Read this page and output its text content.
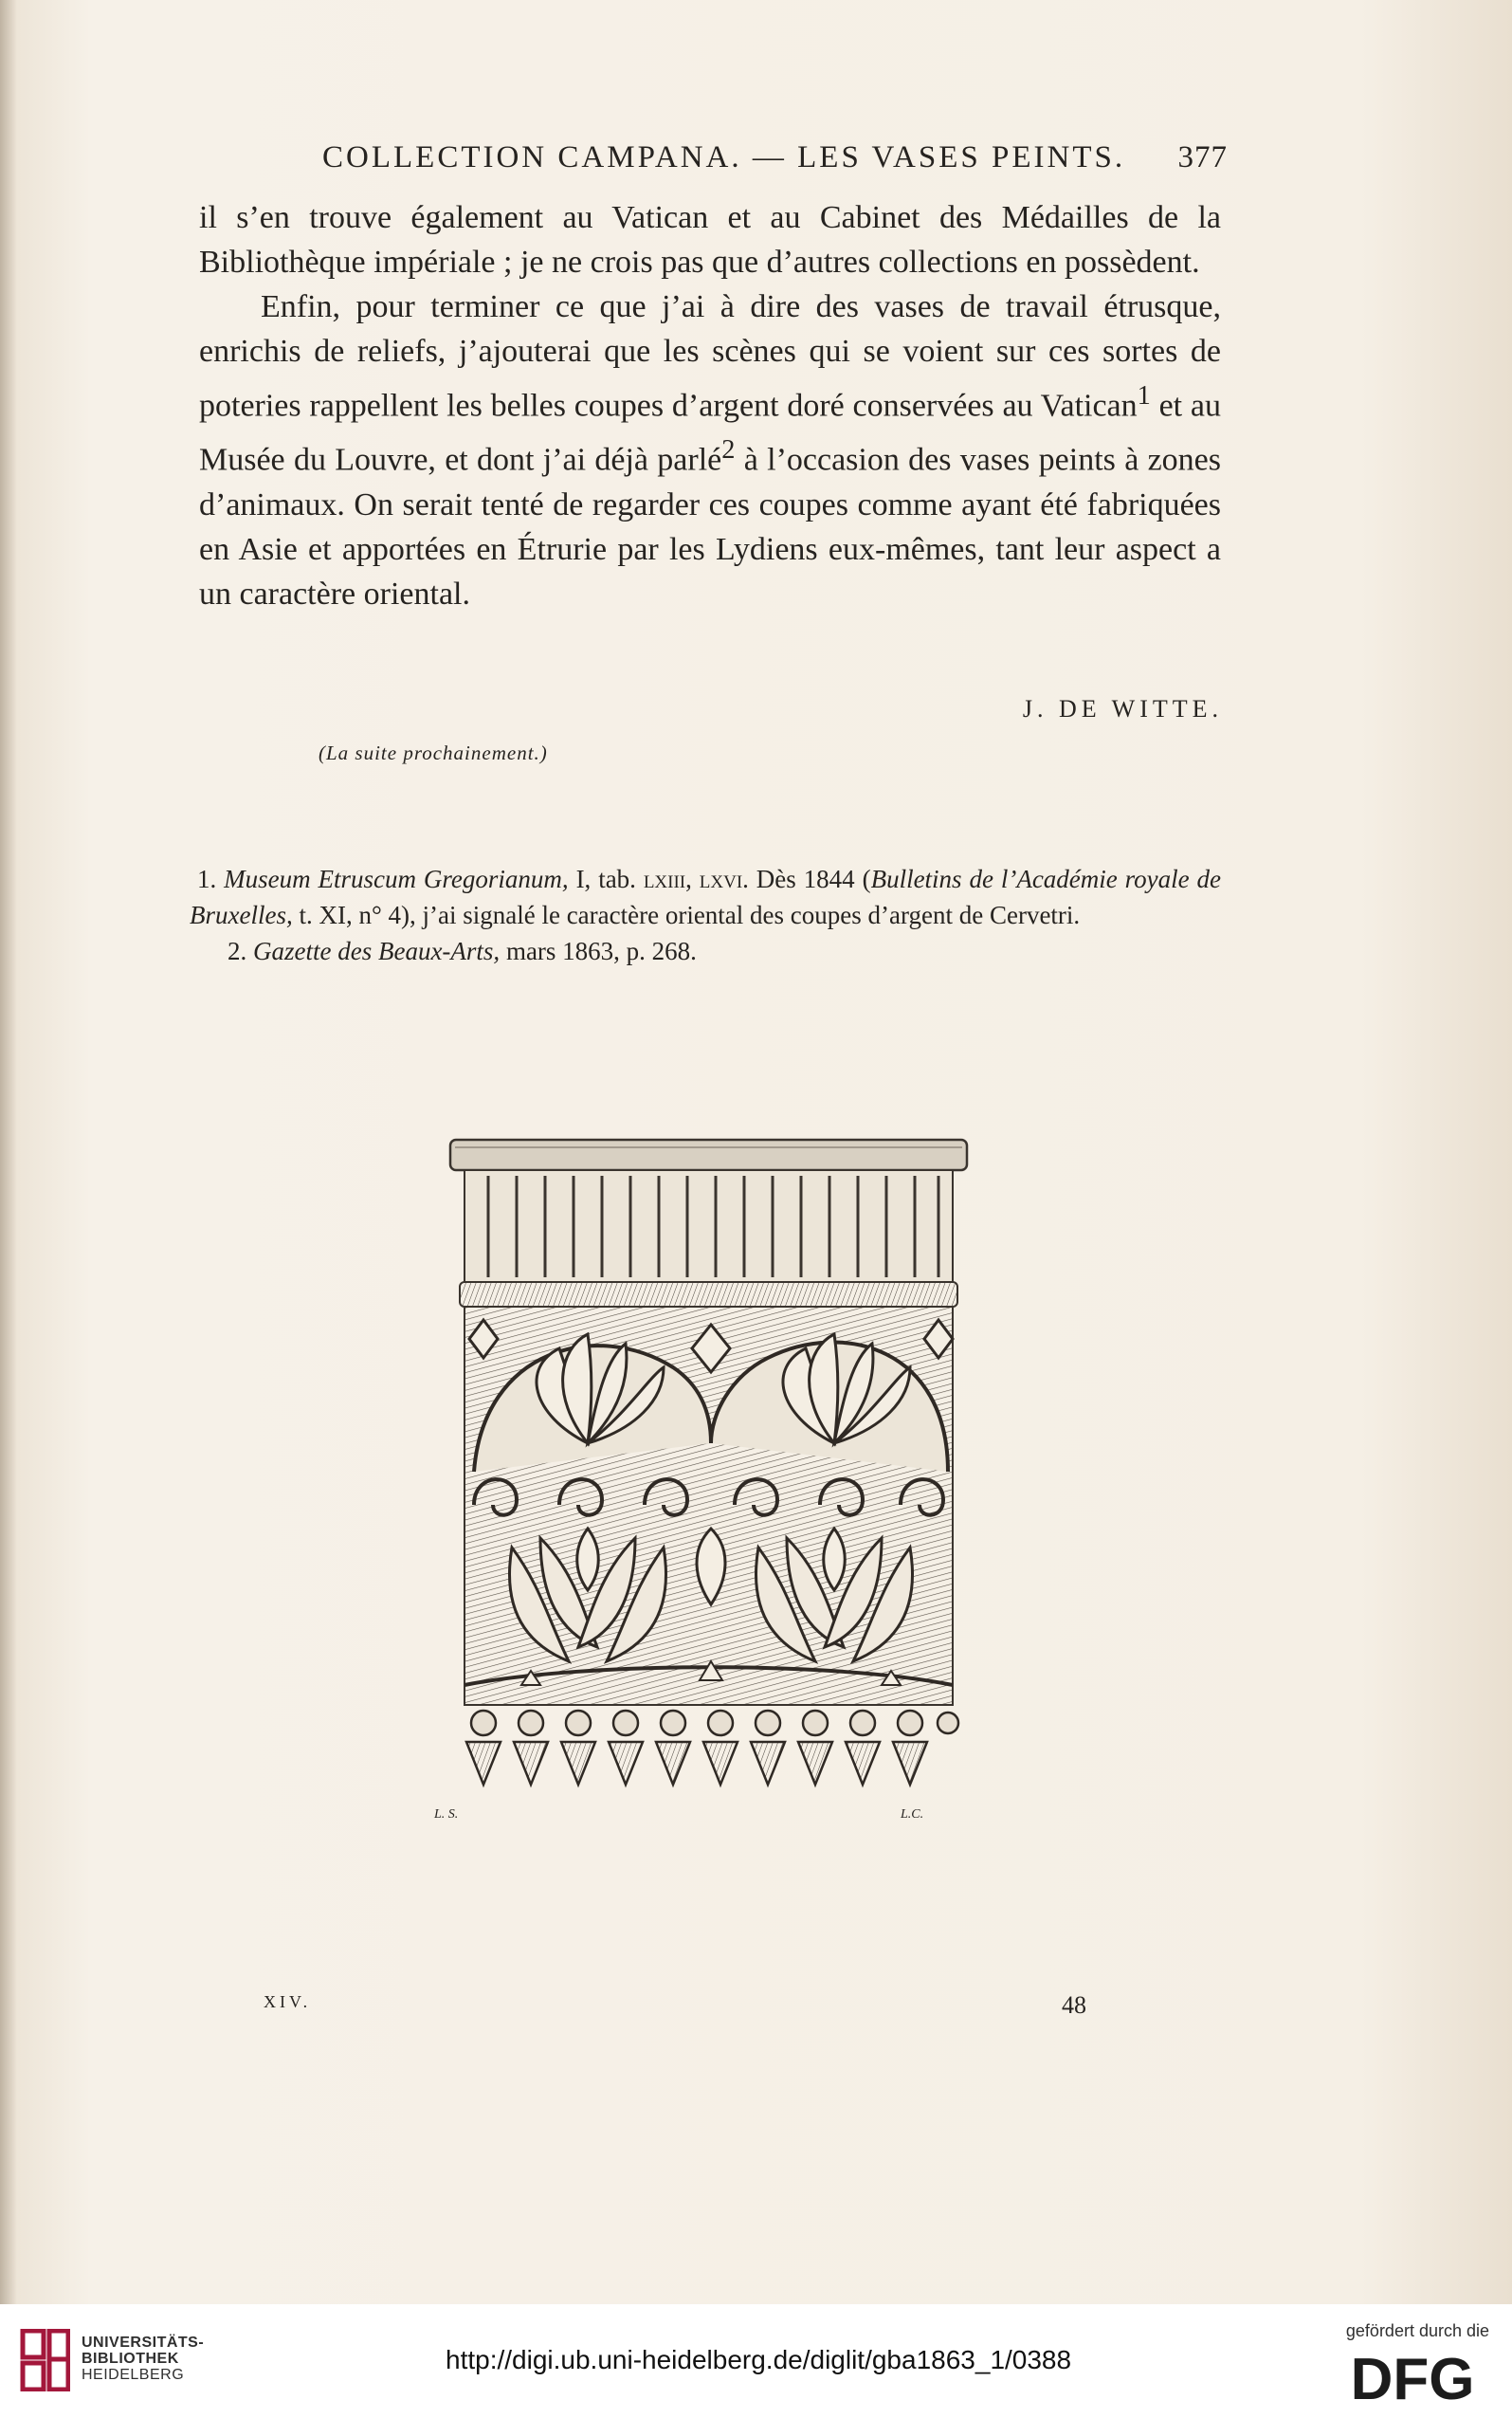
COLLECTION CAMPANA. — LES VASES PEINTS. 377

il s’en trouve également au Vatican et au Cabinet des Médailles de la Bibliothèque impériale ; je ne crois pas que d’autres collections en possèdent.

Enfin, pour terminer ce que j’ai à dire des vases de travail étrusque, enrichis de reliefs, j’ajouterai que les scènes qui se voient sur ces sortes de poteries rappellent les belles coupes d’argent doré conservées au Vatican$^1$ et au Musée du Louvre, et dont j’ai déjà parlé$^2$ à l’occasion des vases peints à zones d’animaux. On serait tenté de regarder ces coupes comme ayant été fabriquées en Asie et apportées en Étrurie par les Lydiens eux-mêmes, tant leur aspect a un caractère oriental.

J. DE WITTE.
(La suite prochainement.)

1. Museum Etruscum Gregorianum, I, tab. lxiii, lxvi. Dès 1844 (Bulletins de l’Académie royale de Bruxelles, t. XI, n° 4), j’ai signalé le caractère oriental des coupes d’argent de Cervetri.

2. Gazette des Beaux-Arts, mars 1863, p. 268.

L. S.	L.C.
XIV.	48
UNIVERSITÄTS-
BIBLIOTHEK
HEIDELBERG
http://digi.ub.uni-heidelberg.de/diglit/gba1863_1/0388
gefördert durch die
DFG
